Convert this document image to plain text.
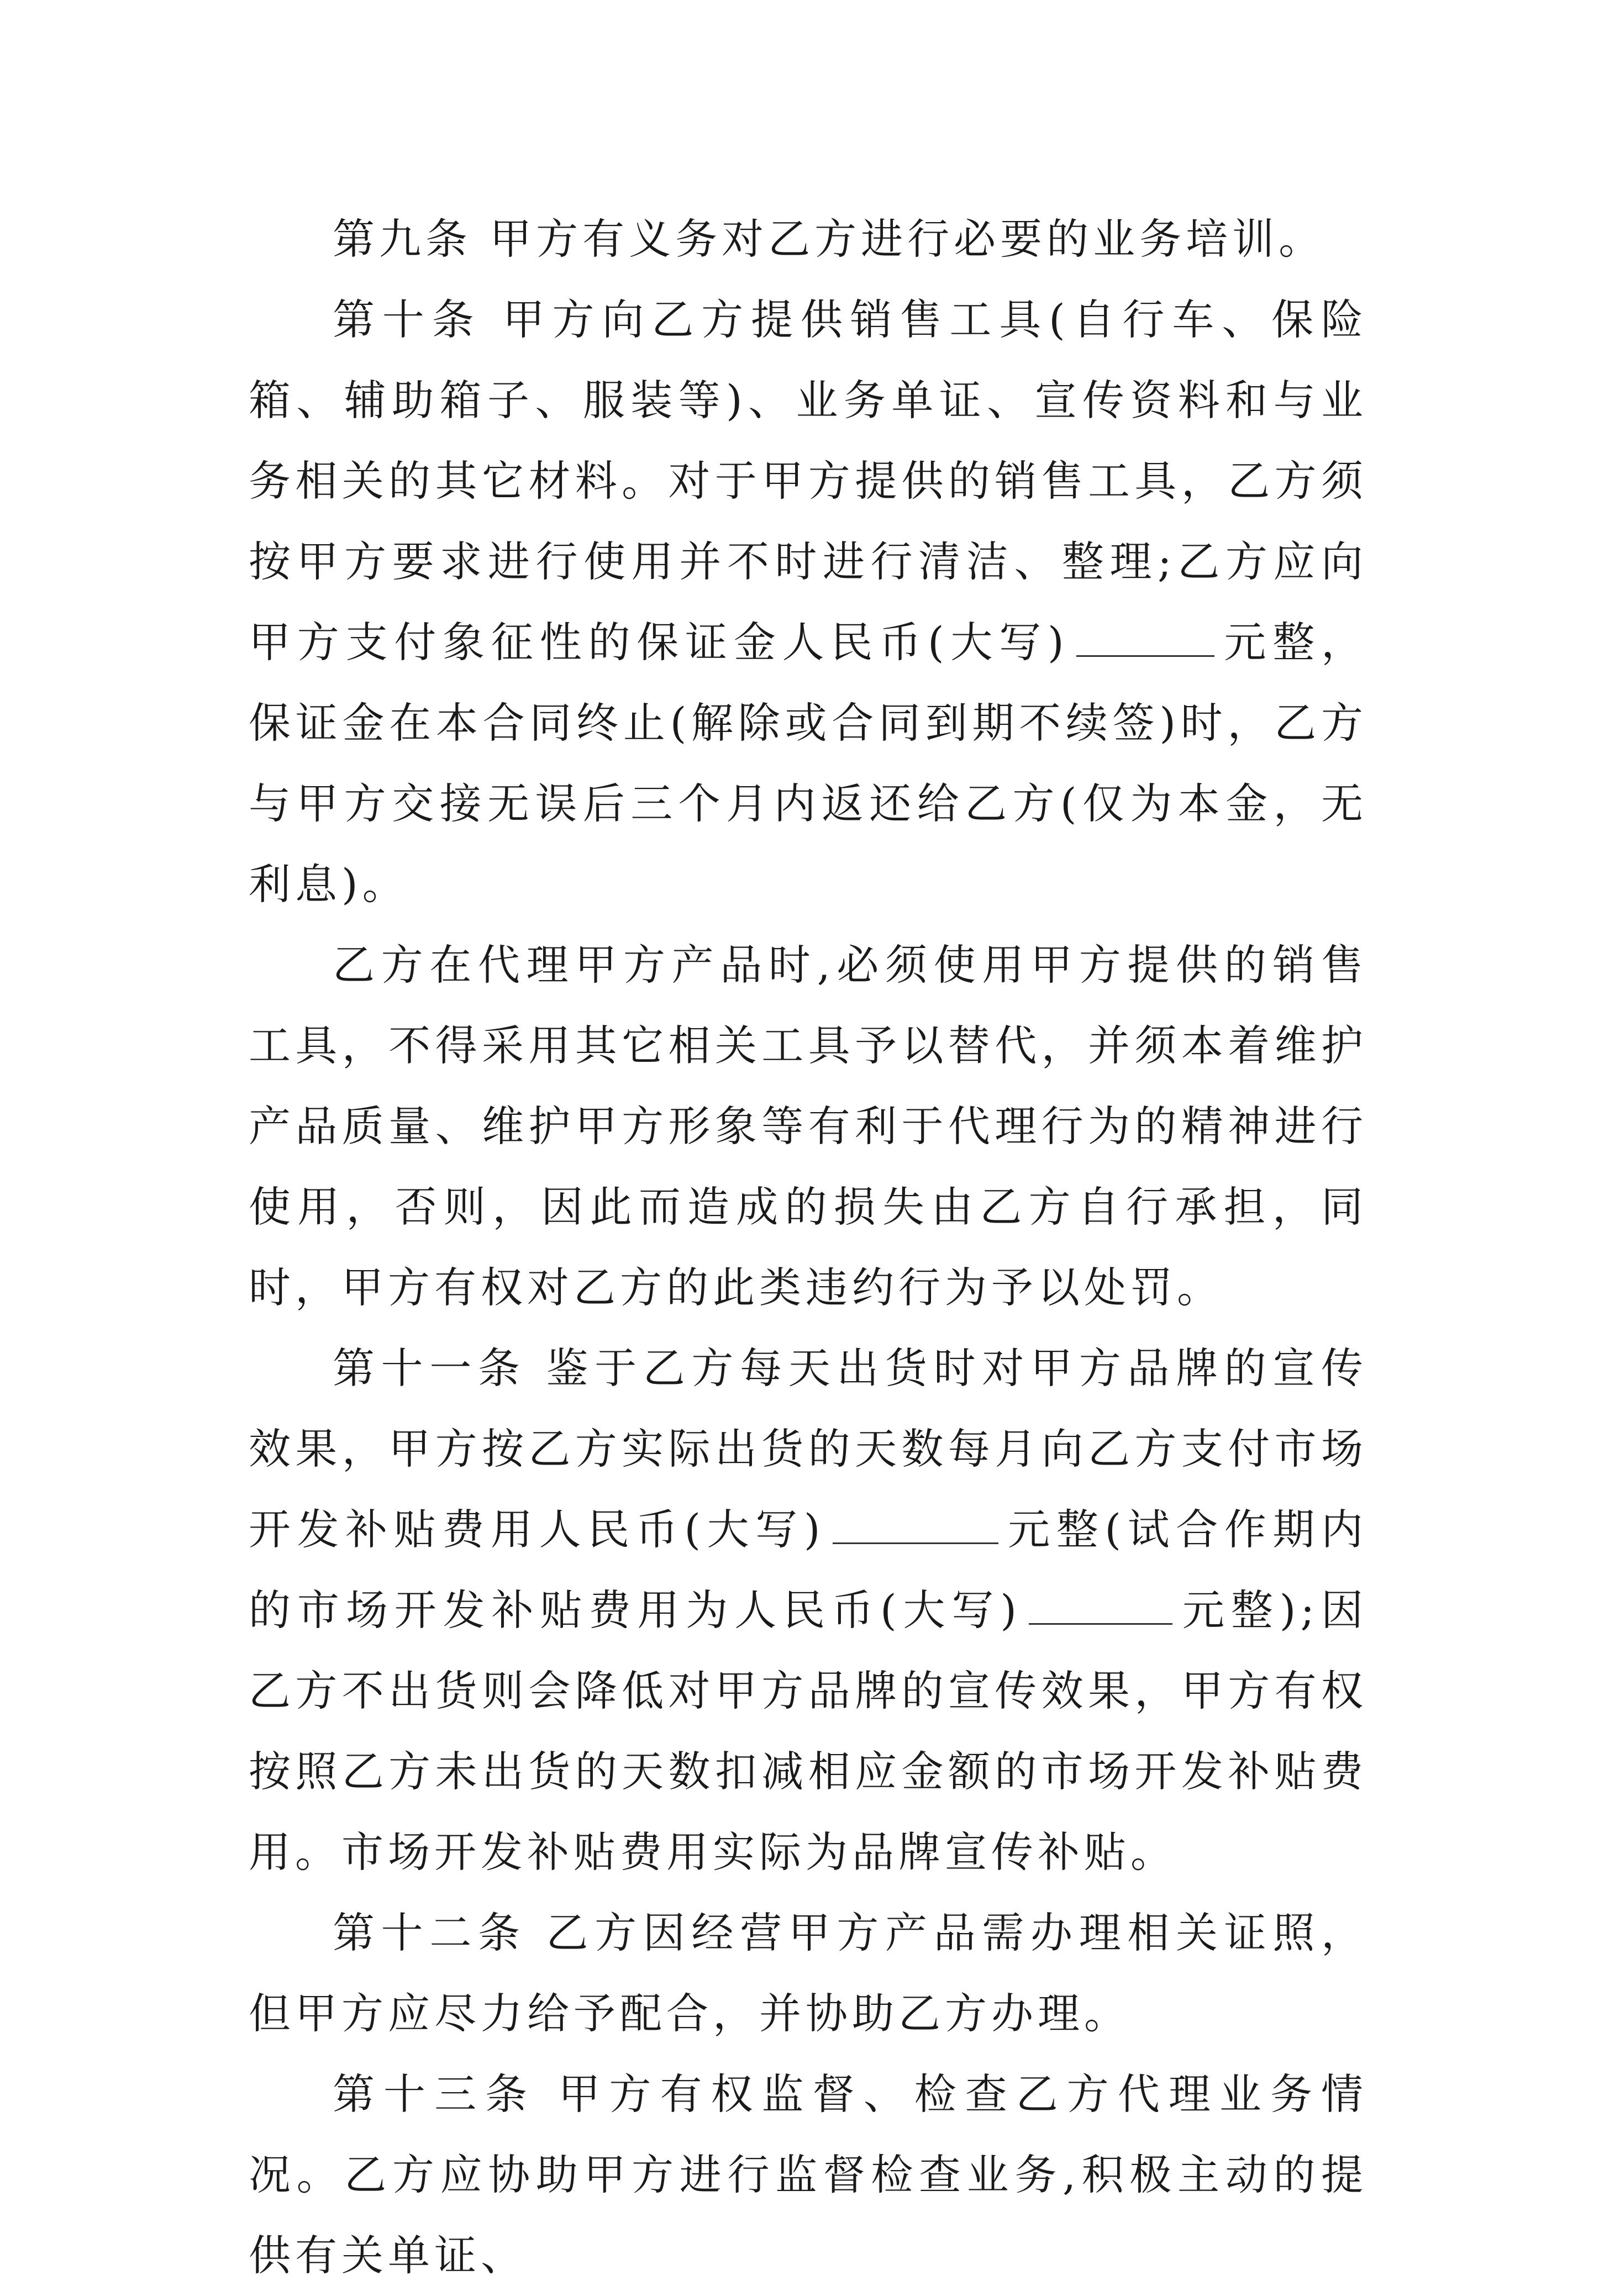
第九条 甲方有义务对乙方进行必要的业务培训。

第十条 甲方向乙方提供销售工具(自行车、保险箱、辅助箱子、服装等)、业务单证、宣传资料和与业务相关的其它材料。对于甲方提供的销售工具，乙方须按甲方要求进行使用并不时进行清洁、整理;乙方应向甲方支付象征性的保证金人民币(大写)	元整，保证金在本合同终止(解除或合同到期不续签)时，乙方与甲方交接无误后三个月内返还给乙方(仅为本金，无利息)。

乙方在代理甲方产品时,必须使用甲方提供的销售工具，不得采用其它相关工具予以替代，并须本着维护产品质量、维护甲方形象等有利于代理行为的精神进行使用，否则，因此而造成的损失由乙方自行承担，同时，甲方有权对乙方的此类违约行为予以处罚。

第十一条 鉴于乙方每天出货时对甲方品牌的宣传效果，甲方按乙方实际出货的天数每月向乙方支付市场开发补贴费用人民币(大写)	元整(试合作期内的市场开发补贴费用为人民币(大写)	元整);因乙方不出货则会降低对甲方品牌的宣传效果，甲方有权按照乙方未出货的天数扣减相应金额的市场开发补贴费用。市场开发补贴费用实际为品牌宣传补贴。

第十二条 乙方因经营甲方产品需办理相关证照，但甲方应尽力给予配合，并协助乙方办理。

第十三条 甲方有权监督、检查乙方代理业务情况。乙方应协助甲方进行监督检查业务,积极主动的提供有关单证、
